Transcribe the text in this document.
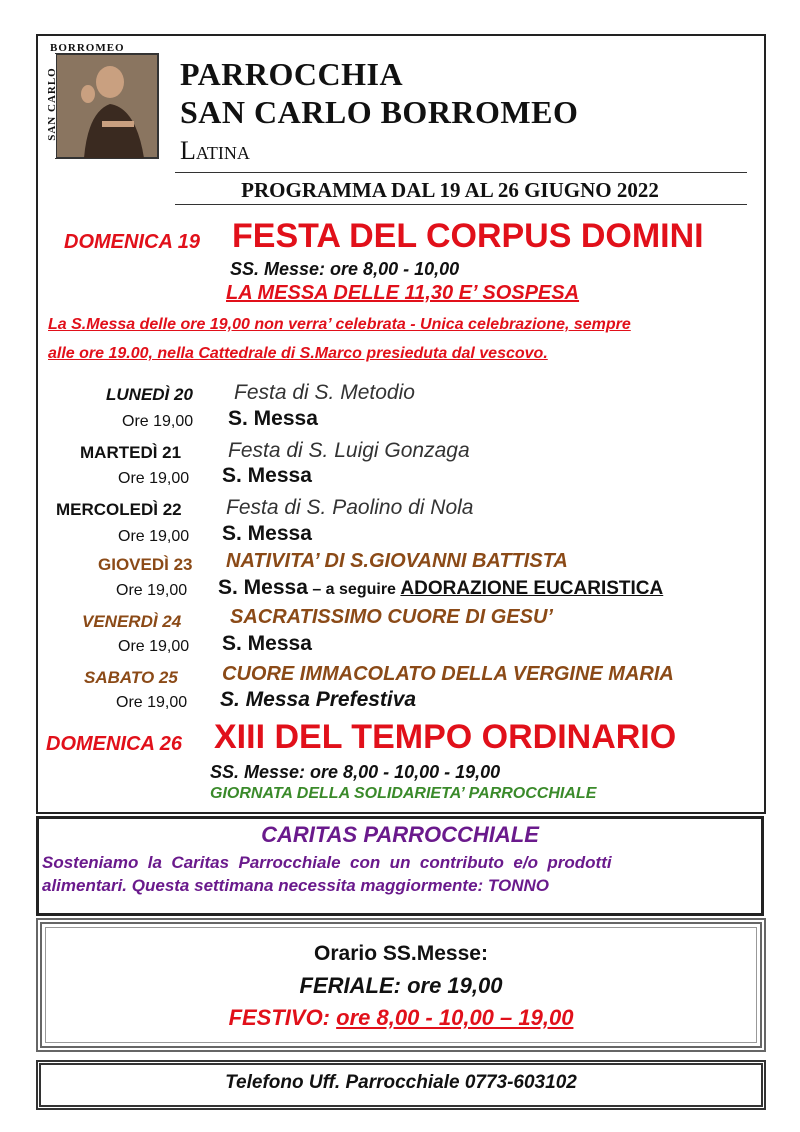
BORROMEO
SAN CARLO	PARROCCHIA
SAN CARLO BORROMEO
Latina
PROGRAMMA DAL 19 AL 26 GIUGNO 2022
DOMENICA 19 FESTA DEL CORPUS DOMINI
SS. Messe: ore 8,00 - 10,00
LA MESSA DELLE 11,30 E’ SOSPESA
La S.Messa delle ore 19,00 non verra’ celebrata - Unica celebrazione, sempre
alle ore 19.00, nella Cattedrale di S.Marco presieduta dal vescovo.
LUNEDÌ 20 Festa di S. Metodio
Ore 19,00 S. Messa
MARTEDÌ 21 Festa di S. Luigi Gonzaga
Ore 19,00 S. Messa
MERCOLEDÌ 22 Festa di S. Paolino di Nola
Ore 19,00 S. Messa
GIOVEDÌ 23 NATIVITA’ DI S.GIOVANNI BATTISTA
Ore 19,00 S. Messa – a seguire ADORAZIONE EUCARISTICA
VENERDÌ 24 SACRATISSIMO CUORE DI GESU’
Ore 19,00 S. Messa
SABATO 25 CUORE IMMACOLATO DELLA VERGINE MARIA
Ore 19,00 S. Messa Prefestiva
DOMENICA 26 XIII DEL TEMPO ORDINARIO
SS. Messe: ore 8,00 - 10,00 - 19,00
GIORNATA DELLA SOLIDARIETA’ PARROCCHIALE
CARITAS PARROCCHIALE
Sosteniamo  la  Caritas  Parrocchiale  con  un  contributo  e/o  prodotti
alimentari. Questa settimana necessita maggiormente: TONNO
Orario SS.Messe:
FERIALE: ore 19,00
FESTIVO: ore 8,00 - 10,00 – 19,00
Telefono Uff. Parrocchiale 0773-603102
